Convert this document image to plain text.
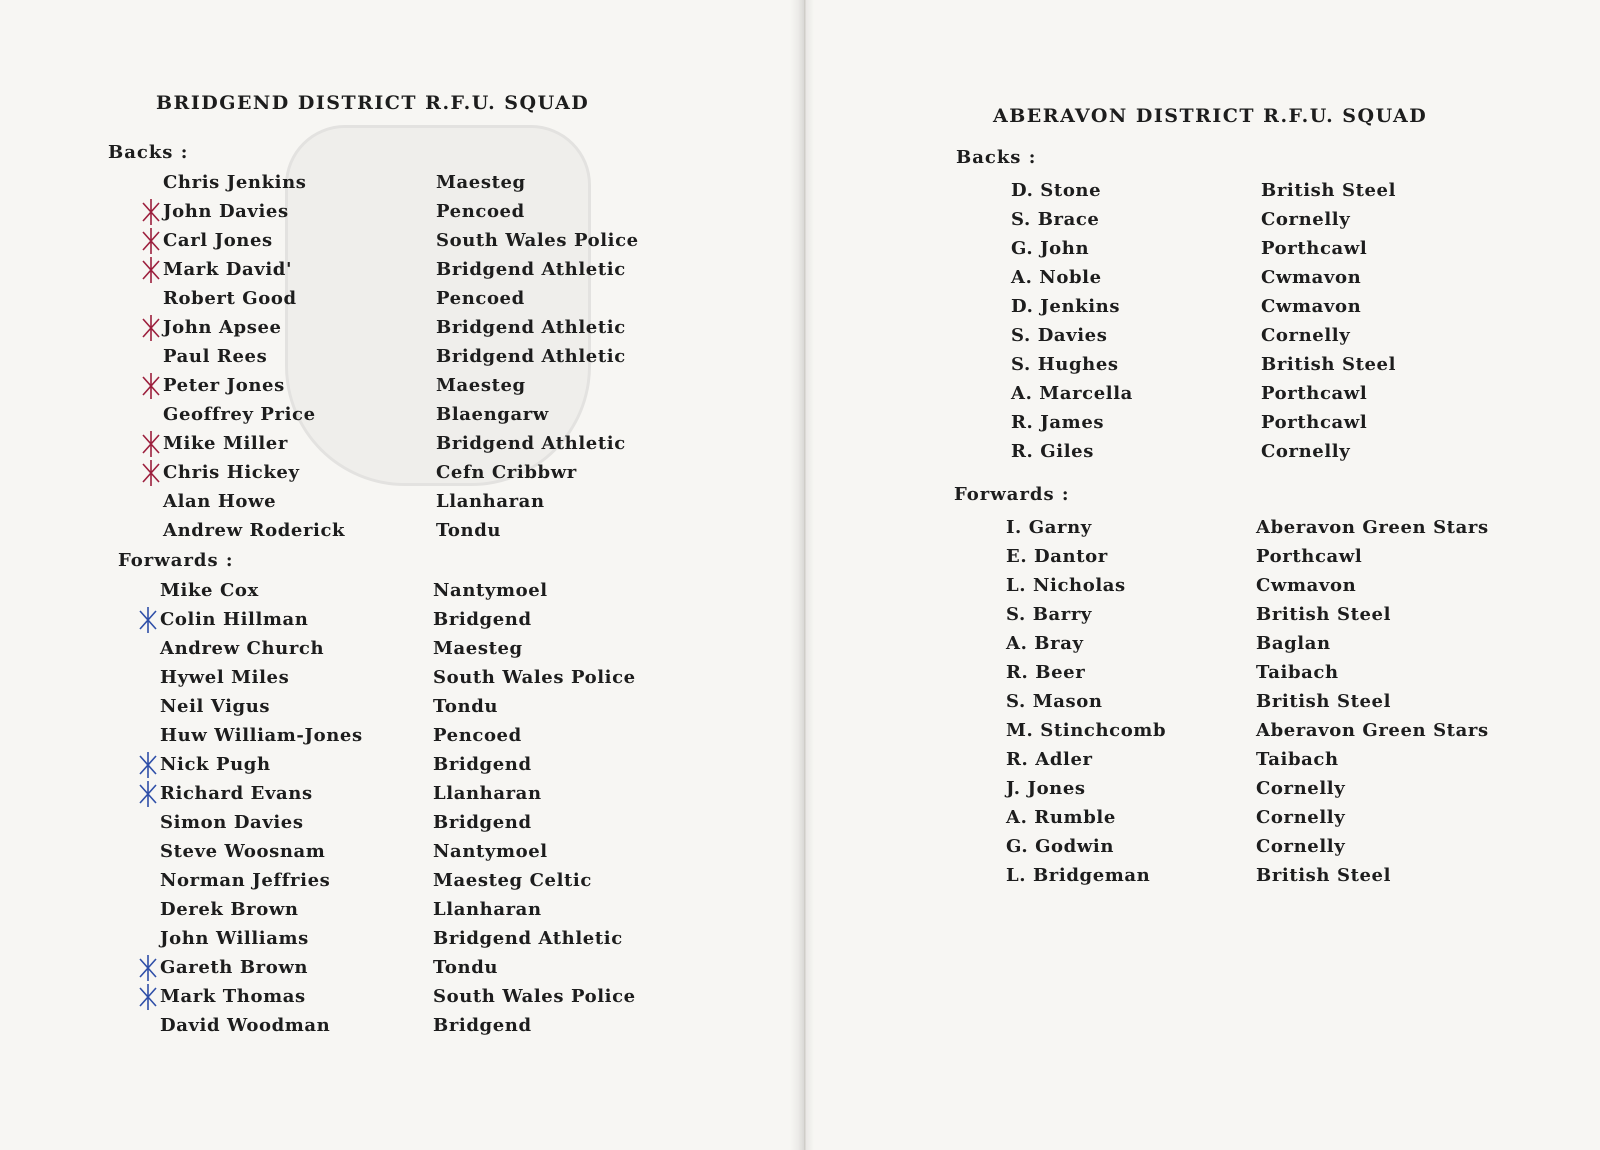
BRIDGEND DISTRICT R.F.U. SQUAD
Backs :
Chris Jenkins	Maesteg
John Davies	Pencoed
Carl Jones	South Wales Police
Mark David'	Bridgend Athletic
Robert Good	Pencoed
John Apsee	Bridgend Athletic
Paul Rees	Bridgend Athletic
Peter Jones	Maesteg
Geoffrey Price	Blaengarw
Mike Miller	Bridgend Athletic
Chris Hickey	Cefn Cribbwr
Alan Howe	Llanharan
Andrew Roderick	Tondu
Forwards :
Mike Cox	Nantymoel
Colin Hillman	Bridgend
Andrew Church	Maesteg
Hywel Miles	South Wales Police
Neil Vigus	Tondu
Huw William-Jones	Pencoed
Nick Pugh	Bridgend
Richard Evans	Llanharan
Simon Davies	Bridgend
Steve Woosnam	Nantymoel
Norman Jeffries	Maesteg Celtic
Derek Brown	Llanharan
John Williams	Bridgend Athletic
Gareth Brown	Tondu
Mark Thomas	South Wales Police
David Woodman	Bridgend
ABERAVON DISTRICT R.F.U. SQUAD
Backs :
D. Stone	British Steel
S. Brace	Cornelly
G. John	Porthcawl
A. Noble	Cwmavon
D. Jenkins	Cwmavon
S. Davies	Cornelly
S. Hughes	British Steel
A. Marcella	Porthcawl
R. James	Porthcawl
R. Giles	Cornelly
Forwards :
I. Garny	Aberavon Green Stars
E. Dantor	Porthcawl
L. Nicholas	Cwmavon
S. Barry	British Steel
A. Bray	Baglan
R. Beer	Taibach
S. Mason	British Steel
M. Stinchcomb	Aberavon Green Stars
R. Adler	Taibach
J. Jones	Cornelly
A. Rumble	Cornelly
G. Godwin	Cornelly
L. Bridgeman	British Steel
